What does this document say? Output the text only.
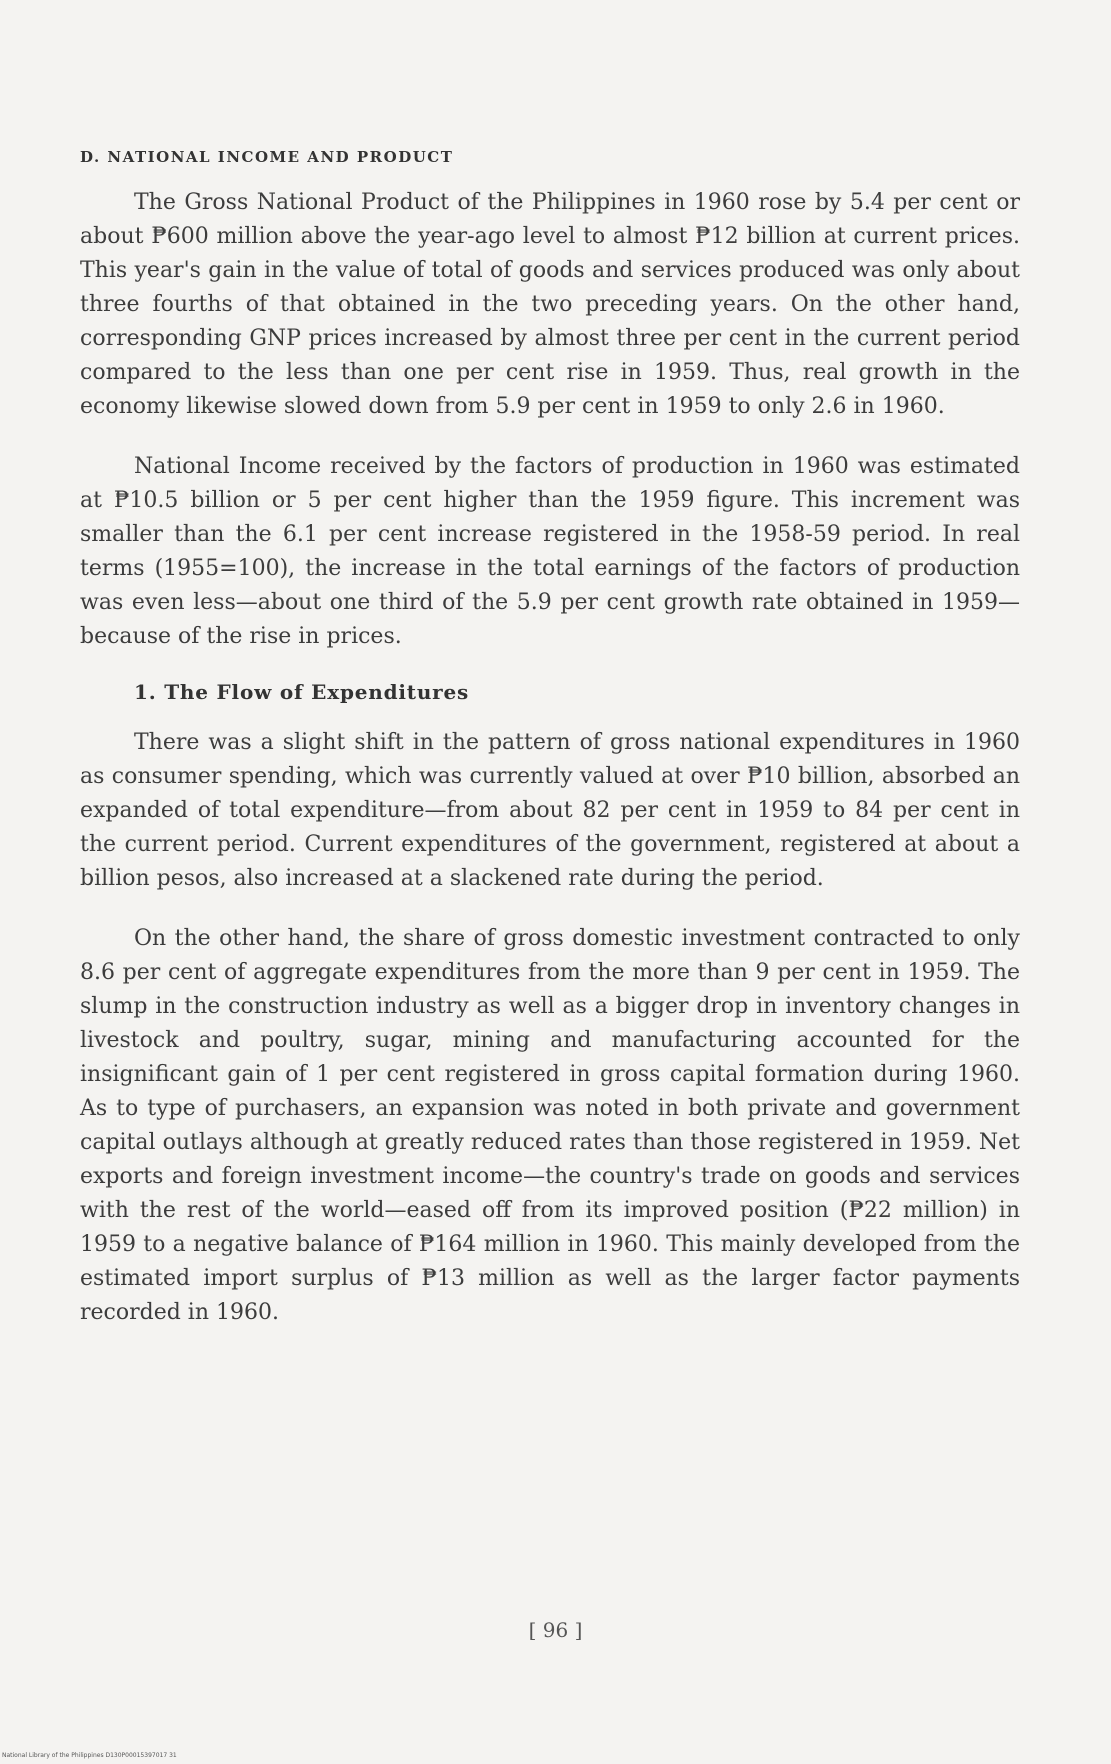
D. NATIONAL INCOME AND PRODUCT

The Gross National Product of the Philippines in 1960 rose by 5.4 per cent or about ₱600 million above the year-ago level to almost ₱12 billion at current prices. This year's gain in the value of total of goods and services produced was only about three fourths of that obtained in the two preceding years. On the other hand, corresponding GNP prices increased by almost three per cent in the current period compared to the less than one per cent rise in 1959. Thus, real growth in the economy likewise slowed down from 5.9 per cent in 1959 to only 2.6 in 1960.

National Income received by the factors of production in 1960 was estimated at ₱10.5 billion or 5 per cent higher than the 1959 figure. This increment was smaller than the 6.1 per cent increase registered in the 1958-59 period. In real terms (1955=100), the increase in the total earnings of the factors of production was even less—about one third of the 5.9 per cent growth rate obtained in 1959—because of the rise in prices.

1. The Flow of Expenditures

There was a slight shift in the pattern of gross national expenditures in 1960 as consumer spending, which was currently valued at over ₱10 billion, absorbed an expanded of total expenditure—from about 82 per cent in 1959 to 84 per cent in the current period. Current expenditures of the government, registered at about a billion pesos, also increased at a slackened rate during the period.

On the other hand, the share of gross domestic investment contracted to only 8.6 per cent of aggregate expenditures from the more than 9 per cent in 1959. The slump in the construction industry as well as a bigger drop in inventory changes in livestock and poultry, sugar, mining and manufacturing accounted for the insignificant gain of 1 per cent registered in gross capital formation during 1960. As to type of purchasers, an expansion was noted in both private and government capital outlays although at greatly reduced rates than those registered in 1959. Net exports and foreign investment income—the country's trade on goods and services with the rest of the world—eased off from its improved position (₱22 million) in 1959 to a negative balance of ₱164 million in 1960. This mainly developed from the estimated import surplus of ₱13 million as well as the larger factor payments recorded in 1960.

[ 96 ]
National Library of the Philippines D130P00015397017 31
